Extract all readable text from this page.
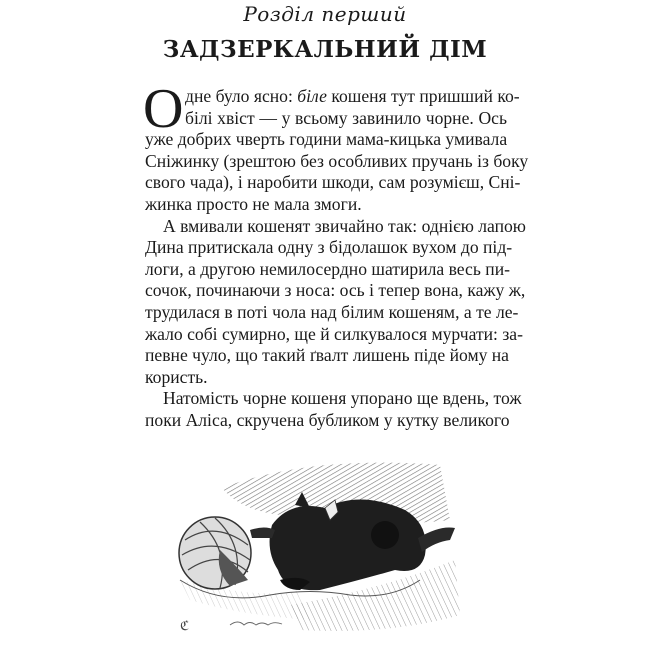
Розділ перший
ЗАДЗЕРКАЛЬНИЙ ДІМ
О дне було ясно: біле кошеня тут пришший ко-
білі хвіст — у всьому завинило чорне. Ось
уже добрих чверть години мама-кицька умивала
Сніжинку (зрештою без особливих пручань із боку
свого чада), і наробити шкоди, сам розумієш, Сні-
жинка просто не мала змоги.
А вмивали кошенят звичайно так: однією лапою
Дина притискала одну з бідолашок вухом до під-
логи, а другою немилосердно шатирила весь пи-
сочок, починаючи з носа: ось і тепер вона, кажу ж,
трудилася в поті чола над білим кошеням, а те ле-
жало собі сумирно, ще й силкувалося мурчати: за-
певне чуло, що такий ґвалт лишень піде йому на
користь.
Натомість чорне кошеня упорано ще вдень, тож
поки Аліса, скручена бубликом у кутку великого
ℭ
